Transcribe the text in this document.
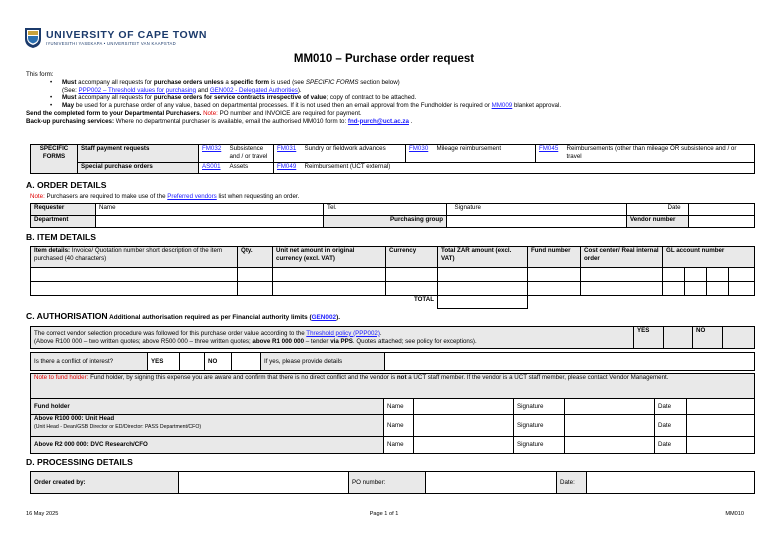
UNIVERSITY OF CAPE TOWN
IYUNIVESITHI YASEKAPA • UNIVERSITEIT VAN KAAPSTAD
MM010 – Purchase order request
This form:
• Must accompany all requests for purchase orders unless a specific form is used (see SPECIFIC FORMS section below)
(See: PPP002 – Threshold values for purchasing and GEN002 - Delegated Authorities).
• Must accompany all requests for purchase orders for service contracts irrespective of value; copy of contract to be attached.
• May be used for a purchase order of any value, based on departmental processes. If it is not used then an email approval from the Fundholder is required or MM009 blanket approval.
Send the completed form to your Departmental Purchasers. Note: PO number and INVOICE are required for payment.
Back-up purchasing services: Where no departmental purchaser is available, email the authorised MM010 form to: fnd-purch@uct.ac.za .
SPECIFIC FORMS	Staff payment requests	FM032	Subsistence and / or travel	FM031	Sundry or fieldwork advances	FM030	Mileage reimbursement	FM045	Reimbursements (other than mileage OR subsistence and / or travel
	Special purchase orders	AS001	Assets	FM049	Reimbursement (UCT external)				
A. ORDER DETAILS
Note: Purchasers are required to make use of the Preferred vendors list when requesting an order.
Requester	Name		Tel.			Signature		Date	
Department			Purchasing group				Vendor number		
B. ITEM DETAILS
Item details: Invoice/ Quotation number short description of the item purchased (40 characters)	Qty.	Unit net amount in original currency (excl. VAT)	Currency	Total ZAR amount (excl. VAT)	Fund number	Cost center/ Real internal order	GL account number			

TOTAL										
C. AUTHORISATION Additional authorisation required as per Financial authority limits (GEN002).
The correct vendor selection procedure was followed for this purchase order value according to the Threshold policy (PPP002).
(Above R100 000 – two written quotes; above R500 000 – three written quotes; above R1 000 000 – tender via PPS. Quotes attached; see policy for exceptions).	YES		NO	
Is there a conflict of interest?	YES		NO		If yes, please provide details	
Note to fund holder: Fund holder, by signing this expense you are aware and confirm that there is no direct conflict and the vendor is not a UCT staff member. If the vendor is a UCT staff member, please contact Vendor Management.						
Fund holder	Name		Signature		Date	
Above R100 000: Unit Head
(Unit Head - Dean/GSB Director or ED/Director: PASS Department/CFO)	Name		Signature		Date	
Above R2 000 000: DVC Research/CFO	Name		Signature		Date	
D. PROCESSING DETAILS
Order created by:		PO number:		Date:	
16 May 2025	Page 1 of 1	MM010
